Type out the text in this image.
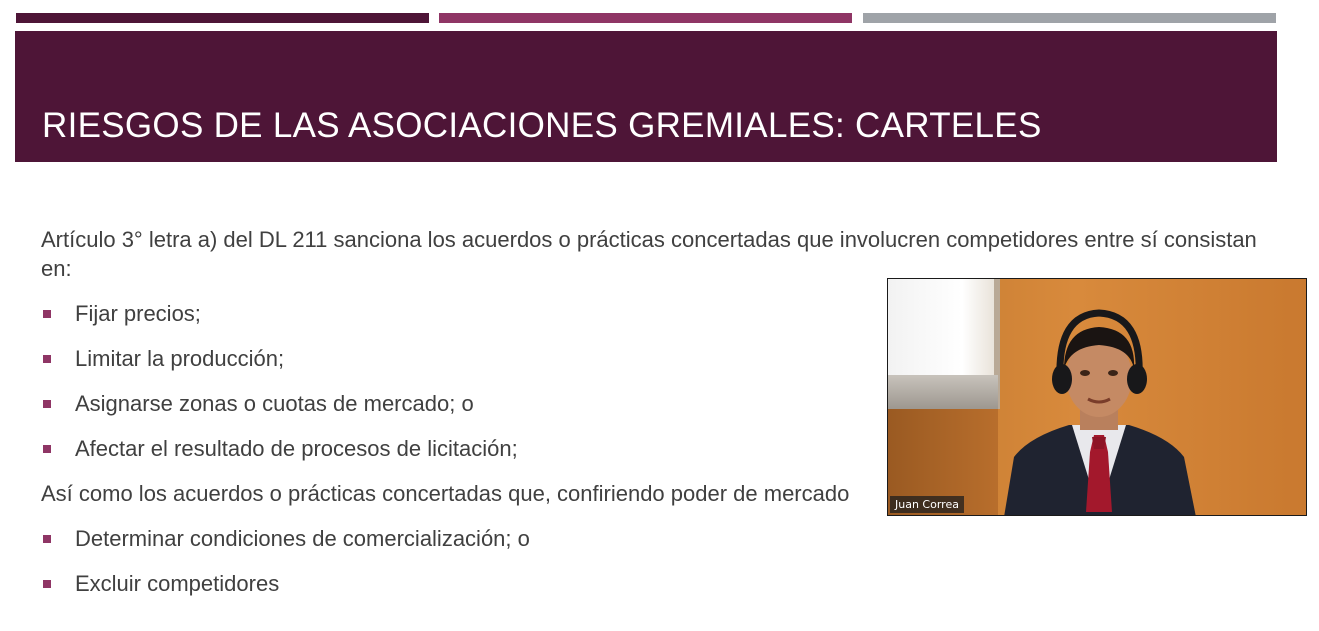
RIESGOS DE LAS ASOCIACIONES GREMIALES: CARTELES

Artículo 3° letra a) del DL 211 sanciona los acuerdos o prácticas concertadas que involucren competidores entre sí consistan en:

Fijar precios;
Limitar la producción;
Asignarse zonas o cuotas de mercado; o
Afectar el resultado de procesos de licitación;

Así como los acuerdos o prácticas concertadas que, confiriendo poder de mercado

Determinar condiciones de comercialización; o
Excluir competidores
Juan Correa
